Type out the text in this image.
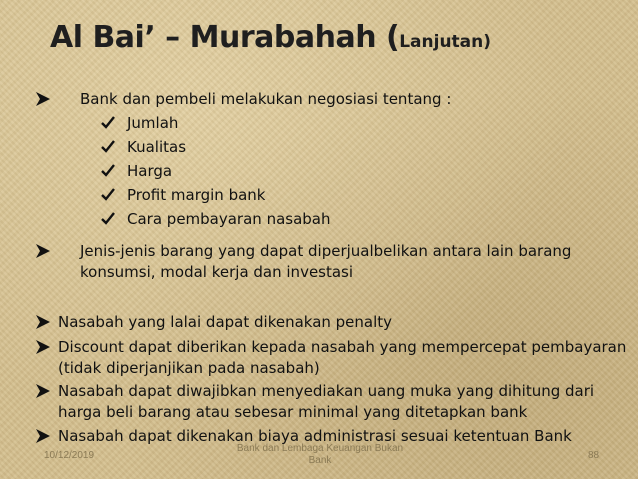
Al Bai’ – Murabahah (Lanjutan)
Bank dan pembeli melakukan negosiasi tentang :
Jumlah
Kualitas
Harga
Profit margin bank
Cara pembayaran nasabah
Jenis-jenis barang yang dapat diperjualbelikan antara lain barang
konsumsi, modal kerja dan investasi
Nasabah yang lalai dapat dikenakan penalty
Discount dapat diberikan kepada nasabah yang mempercepat pembayaran
(tidak diperjanjikan pada nasabah)
Nasabah dapat diwajibkan menyediakan uang muka yang dihitung dari
harga beli barang atau sebesar minimal yang ditetapkan bank
Nasabah dapat dikenakan biaya administrasi sesuai ketentuan Bank
10/12/2019
Bank dan Lembaga Keuangan Bukan
Bank	88
